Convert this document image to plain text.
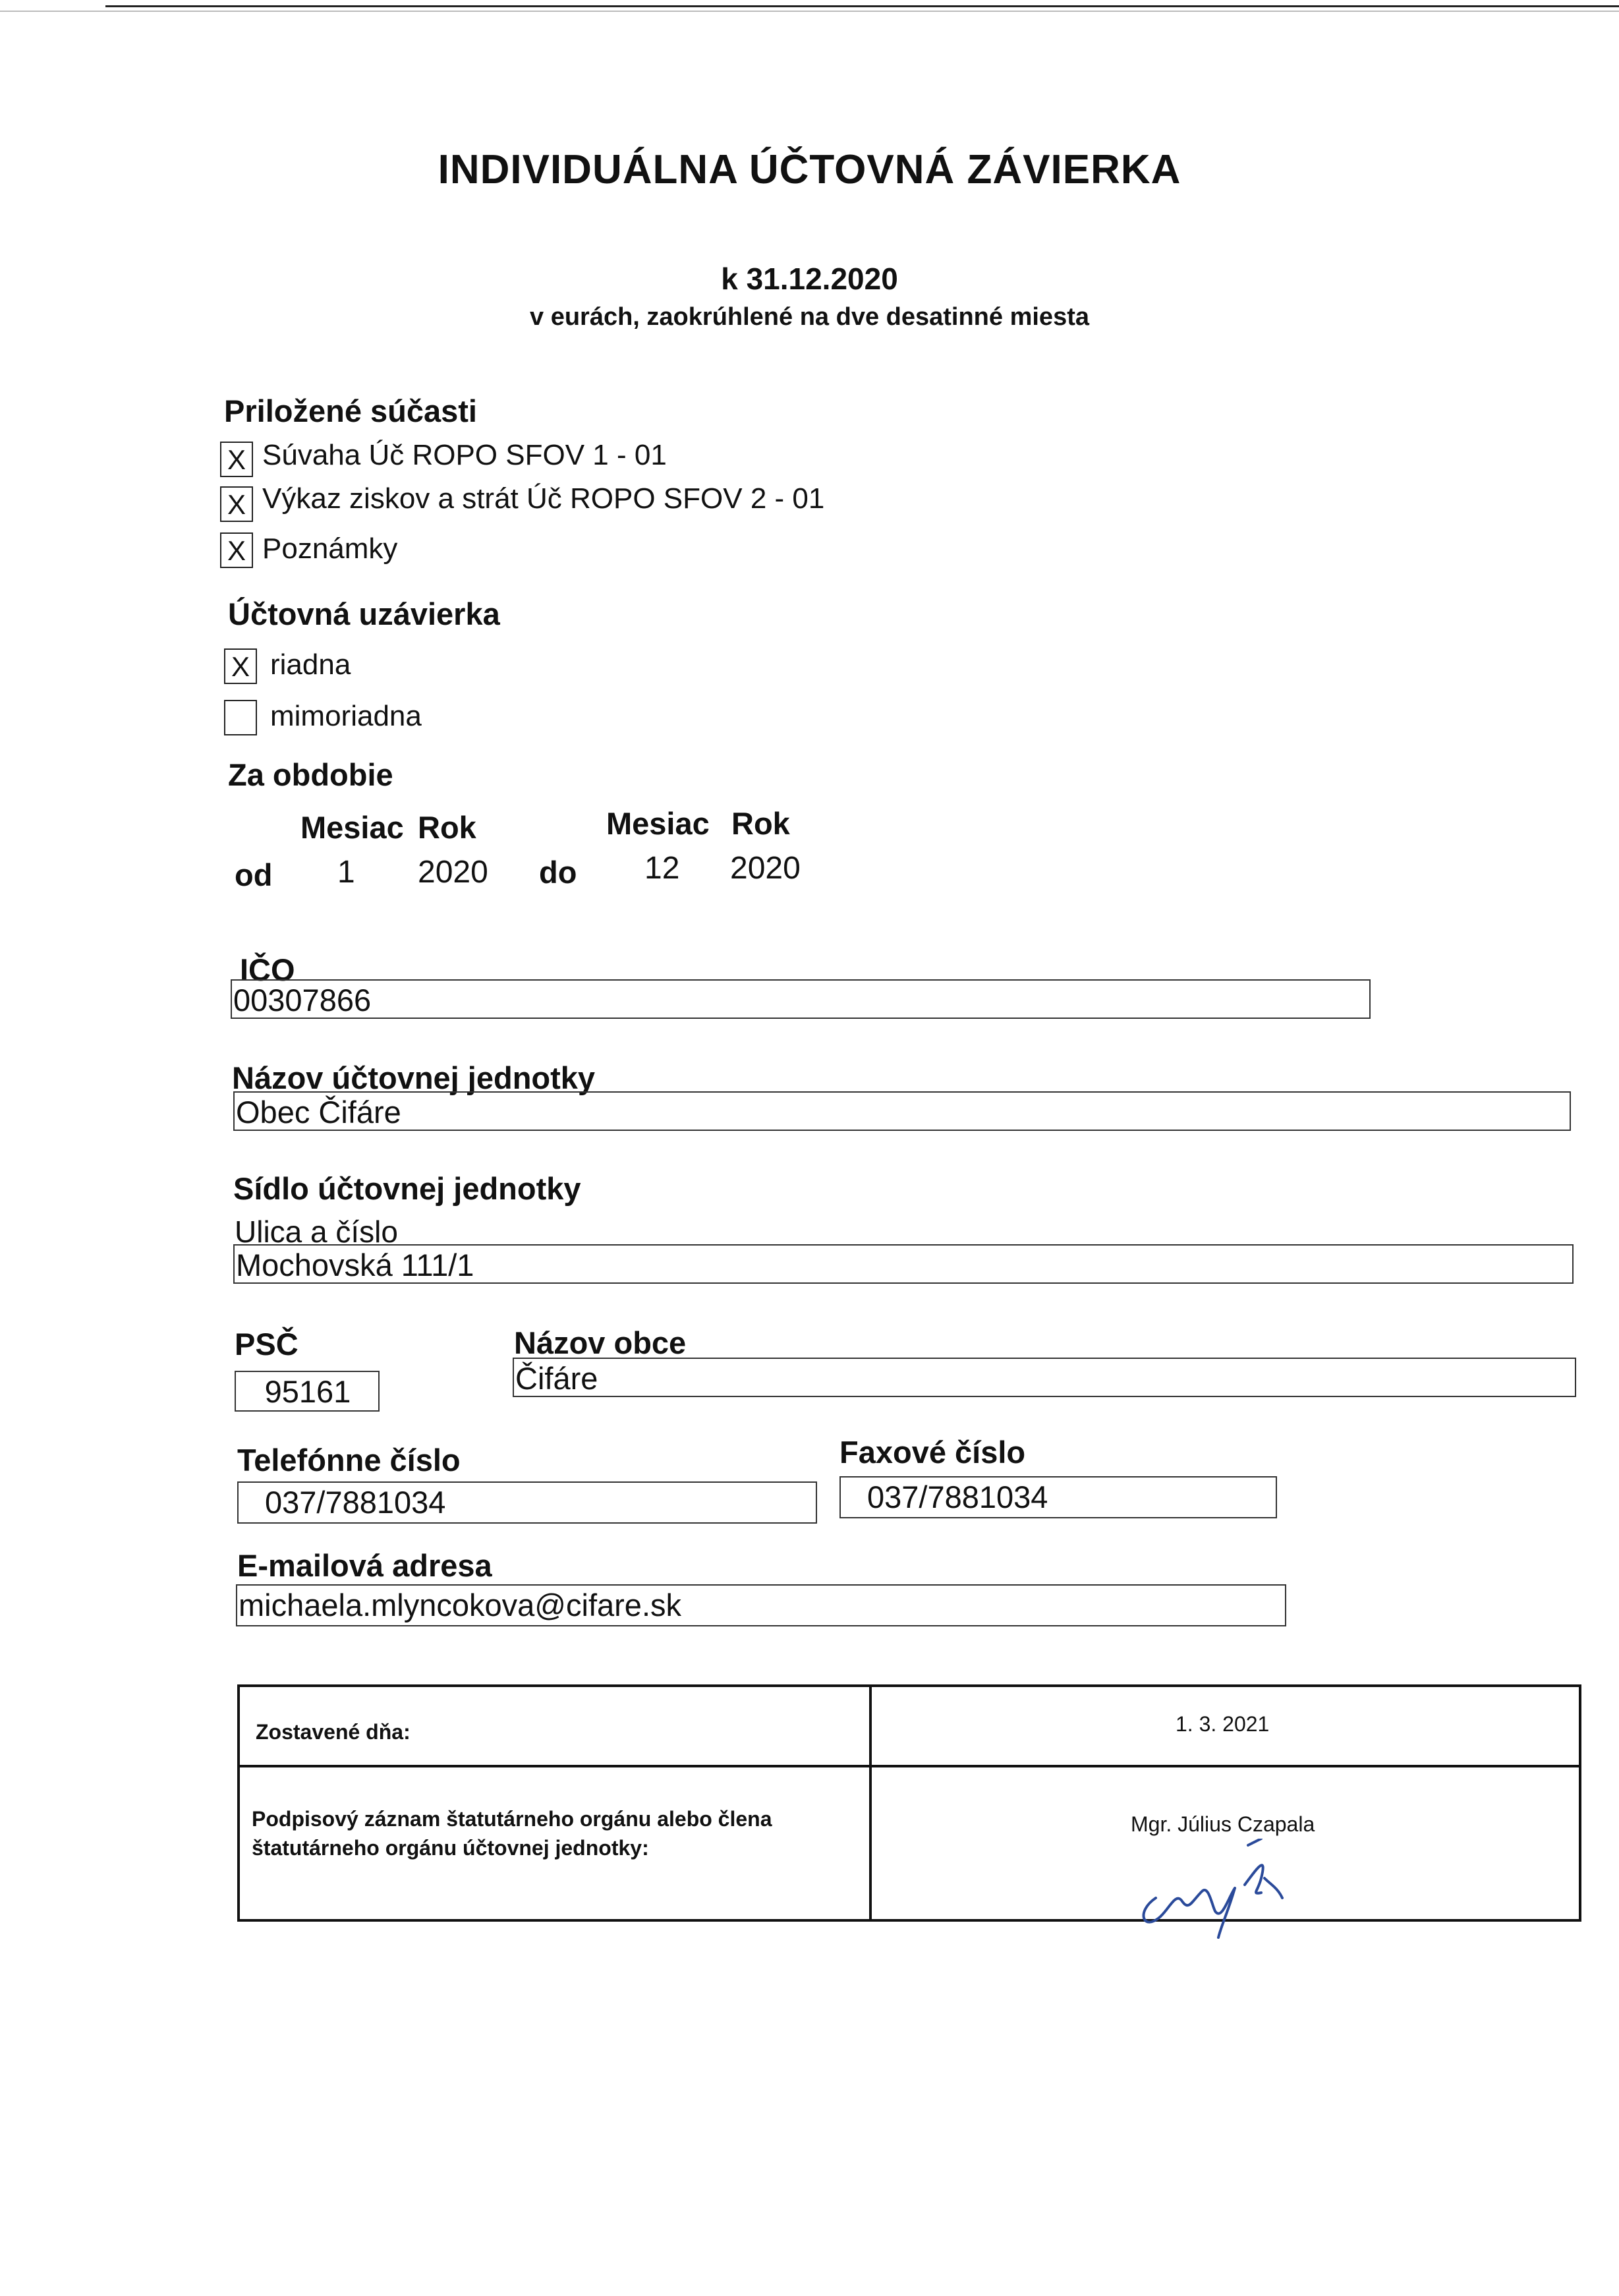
INDIVIDUÁLNA ÚČTOVNÁ ZÁVIERKA
k 31.12.2020
v eurách, zaokrúhlené na dve desatinné miesta
Priložené súčasti
X Súvaha Úč ROPO SFOV 1 - 01
X Výkaz ziskov a strát Úč ROPO SFOV 2 - 01
X Poznámky
Účtovná uzávierka
X riadna
mimoriadna
Za obdobie
Mesiac Rok	Mesiac Rok
od 1 2020 do 12 2020
IČO
00307866
Názov účtovnej jednotky
Obec Čifáre
Sídlo účtovnej jednotky
Ulica a číslo
Mochovská 111/1
PSČ
95161
Názov obce
Čifáre
Telefónne číslo
037/7881034
Faxové číslo
037/7881034
E-mailová adresa
michaela.mlyncokova@cifare.sk
Zostavené dňa:	1. 3. 2021
Podpisový záznam štatutárneho orgánu alebo člena
štatutárneho orgánu účtovnej jednotky:
Mgr. Július Czapala
